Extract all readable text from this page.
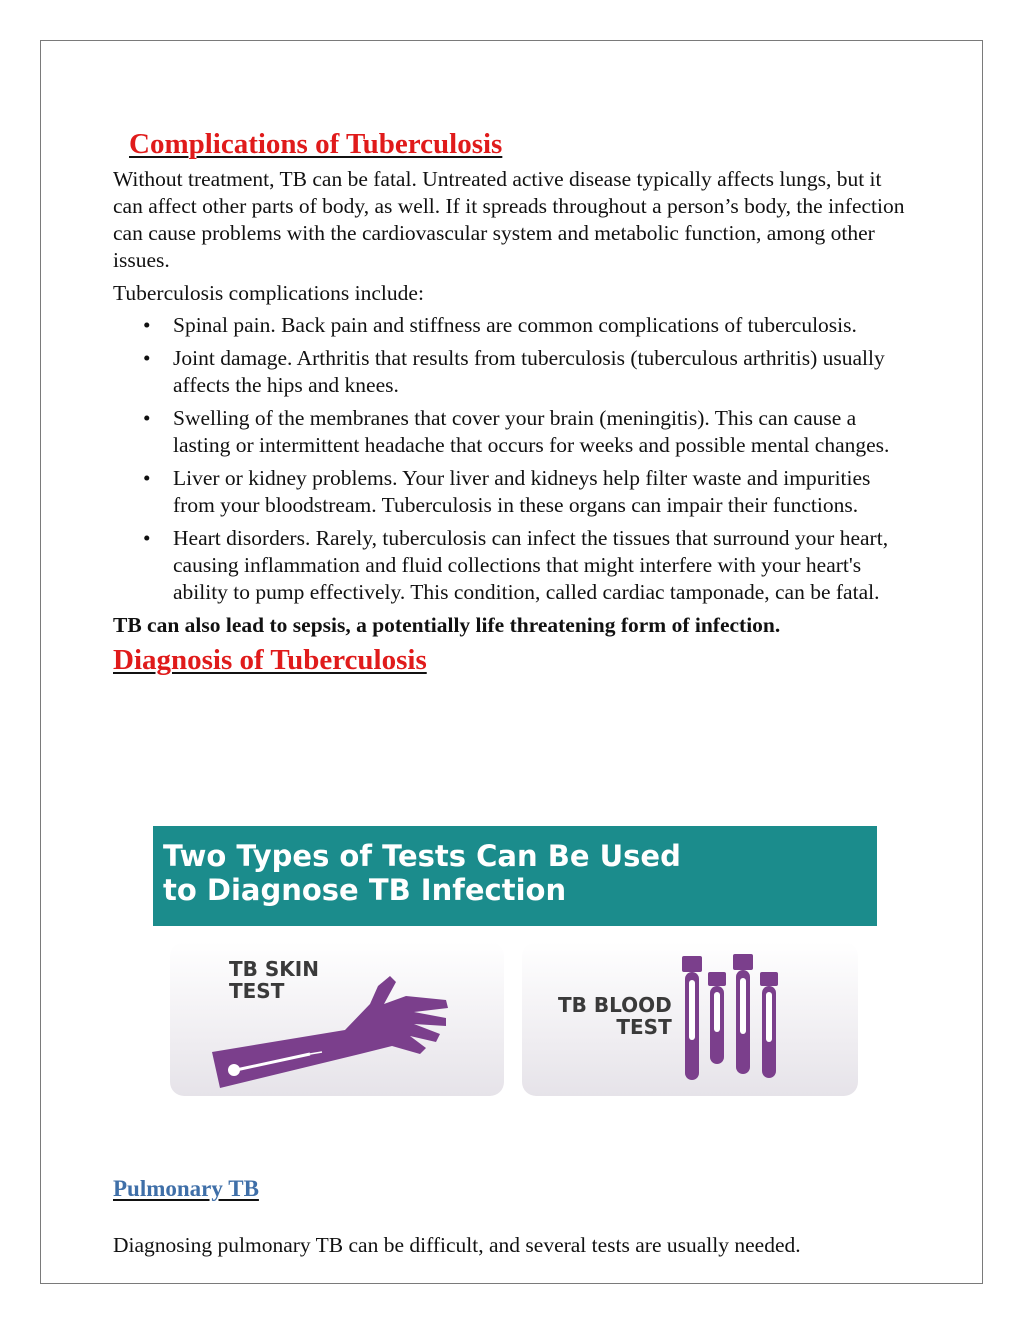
Complications of Tuberculosis

Without treatment, TB can be fatal. Untreated active disease typically affects lungs, but it can affect other parts of body, as well. If it spreads throughout a person’s body, the infection can cause problems with the cardiovascular system and metabolic function, among other issues.

Tuberculosis complications include:

• Spinal pain. Back pain and stiffness are common complications of tuberculosis.
• Joint damage. Arthritis that results from tuberculosis (tuberculous arthritis) usually affects the hips and knees.
• Swelling of the membranes that cover your brain (meningitis). This can cause a lasting or intermittent headache that occurs for weeks and possible mental changes.
• Liver or kidney problems. Your liver and kidneys help filter waste and impurities from your bloodstream. Tuberculosis in these organs can impair their functions.
• Heart disorders. Rarely, tuberculosis can infect the tissues that surround your heart, causing inflammation and fluid collections that might interfere with your heart's ability to pump effectively. This condition, called cardiac tamponade, can be fatal.

TB can also lead to sepsis, a potentially life threatening form of infection.

Diagnosis of Tuberculosis

Two Types of Tests Can Be Used
to Diagnose TB Infection

TB SKIN
TEST

TB BLOOD
TEST

Pulmonary TB

Diagnosing pulmonary TB can be difficult, and several tests are usually needed.
